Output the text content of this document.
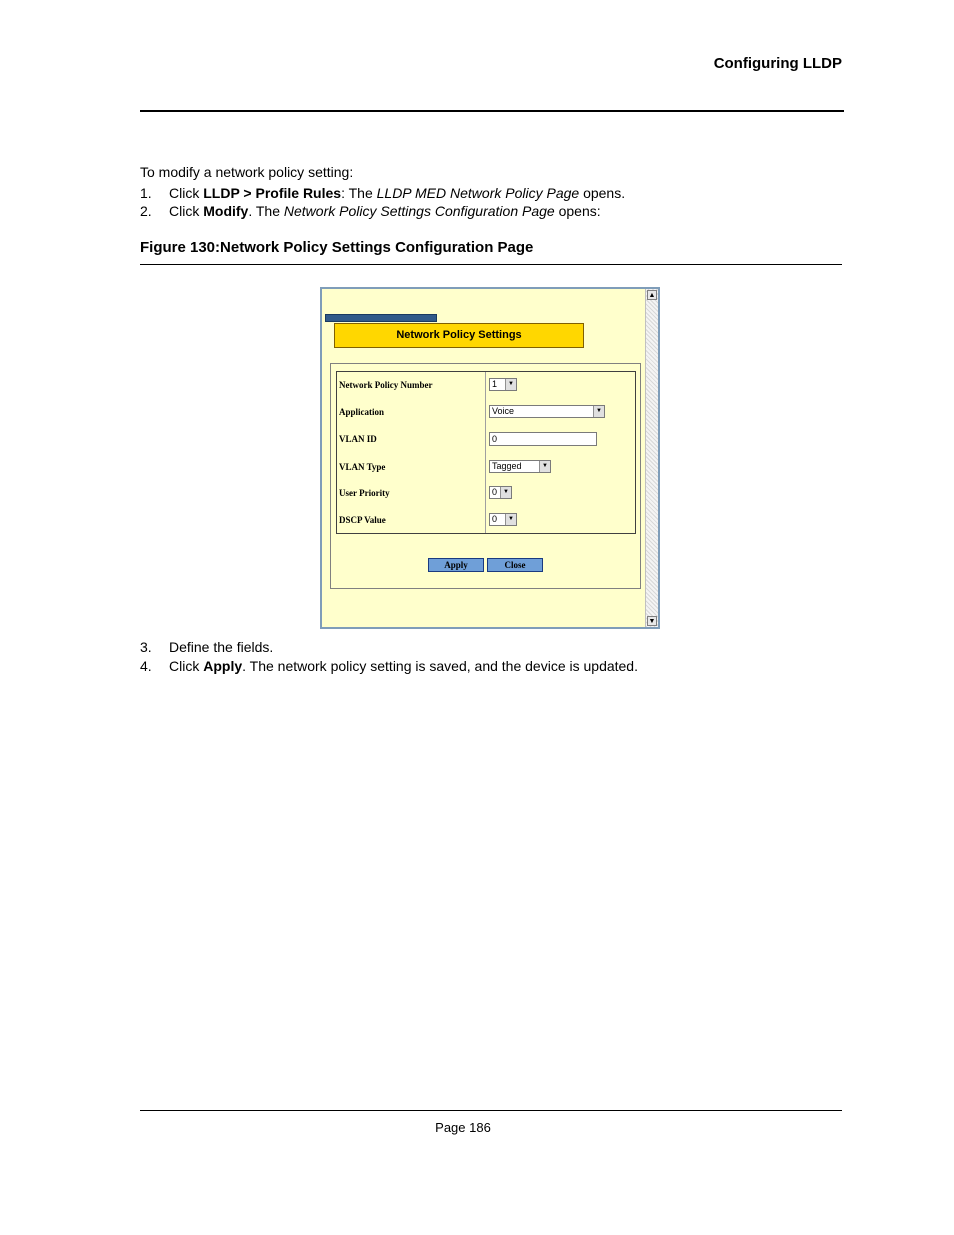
Configuring LLDP
To modify a network policy setting:
1. Click LLDP > Profile Rules: The LLDP MED Network Policy Page opens.
2. Click Modify. The Network Policy Settings Configuration Page opens:
Figure 130:Network Policy Settings Configuration Page
▲
▼
Network Policy Settings
Network Policy Number	1	▼
Application	Voice	▼
VLAN ID	0
VLAN Type	Tagged	▼
User Priority	0	▼
DSCP Value	0	▼
Apply	Close
3. Define the fields.
4. Click Apply. The network policy setting is saved, and the device is updated.
Page 186
